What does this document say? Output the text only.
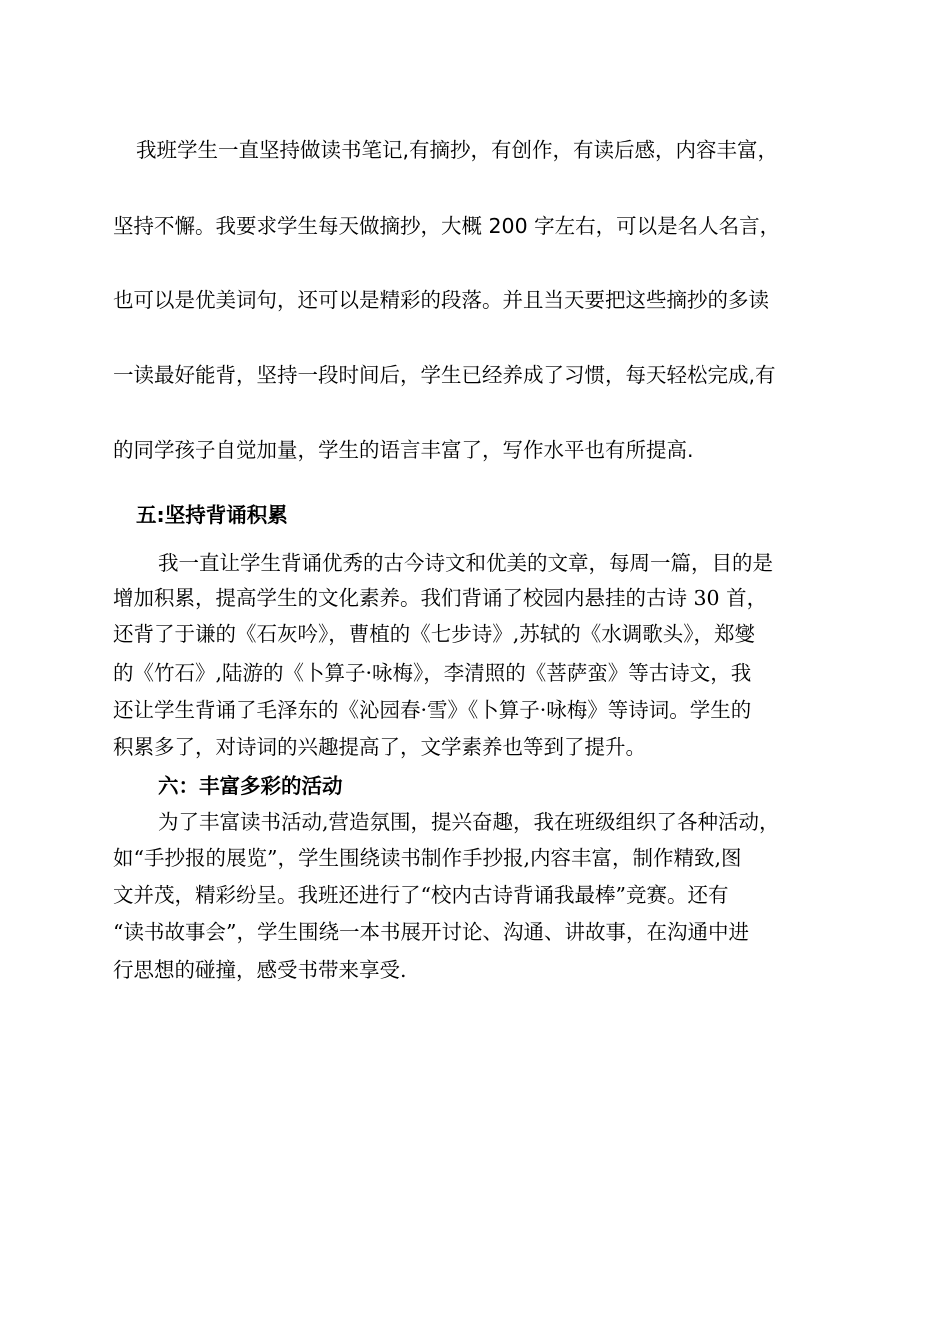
我班学生一直坚持做读书笔记,有摘抄，有创作，有读后感，内容丰富，

坚持不懈。我要求学生每天做摘抄，大概 200 字左右，可以是名人名言，

也可以是优美词句，还可以是精彩的段落。并且当天要把这些摘抄的多读

一读最好能背，坚持一段时间后，学生已经养成了习惯，每天轻松完成,有

的同学孩子自觉加量，学生的语言丰富了，写作水平也有所提高.

五:坚持背诵积累

我一直让学生背诵优秀的古今诗文和优美的文章，每周一篇，目的是

增加积累，提高学生的文化素养。我们背诵了校园内悬挂的古诗 30 首，

还背了于谦的《石灰吟》，曹植的《七步诗》,苏轼的《水调歌头》，郑燮

的《竹石》,陆游的《卜算子·咏梅》，李清照的《菩萨蛮》等古诗文，我

还让学生背诵了毛泽东的《沁园春·雪》《卜算子·咏梅》等诗词。学生的

积累多了，对诗词的兴趣提高了，文学素养也等到了提升。

六：丰富多彩的活动

为了丰富读书活动,营造氛围，提兴奋趣，我在班级组织了各种活动，

如“手抄报的展览”，学生围绕读书制作手抄报,内容丰富，制作精致,图

文并茂，精彩纷呈。我班还进行了“校内古诗背诵我最棒”竞赛。还有

“读书故事会”，学生围绕一本书展开讨论、沟通、讲故事，在沟通中进

行思想的碰撞，感受书带来享受.
